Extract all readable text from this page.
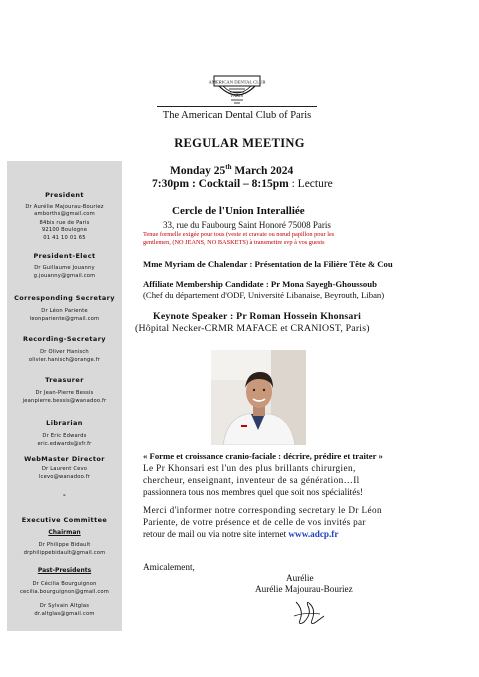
AMERICAN DENTAL CLUB
PARIS
The American Dental Club of Paris
REGULAR MEETING
President
Dr Aurélie Majourau-Bouriez
amborths@gmail.com
84bis rue de Paris
92100 Boulogne
01 41 10 01 65
President-Elect
Dr Guillaume Jouanny
g.jouanny@gmail.com
Corresponding Secretary
Dr Léon Pariente
leonpariente@gmail.com
Recording-Secretary
Dr Oliver Hanisch
olivier.hanisch@orange.fr
Treasurer
Dr Jean-Pierre Bessis
jeanpierre.bessis@wanadoo.fr
Librarian
Dr Eric Edwards
eric.edwards@sfr.fr
WebMaster Director
Dr Laurent Cevo
lcevo@wanadoo.fr
-
Executive Committee
Chairman
Dr Philippe Bidault
drphilippebidault@gmail.com
Past-Presidents
Dr Cécilia Bourguignon
cecilia.bourguignon@gmail.com
Dr Sylvain Altglas
dr.altglas@gmail.com
Monday 25th March 2024
7:30pm : Cocktail – 8:15pm : Lecture
Cercle de l'Union Interalliée
33, rue du Faubourg Saint Honoré 75008 Paris
Tenue formelle exigée pour tous (veste et cravate ou nœud papillon pour les
gentlemen, (NO JEANS, NO BASKETS) à transmettre svp à vos guests
Mme Myriam de Chalendar : Présentation de la Filière Tête & Cou
Affiliate Membership Candidate : Pr Mona Sayegh-Ghoussoub
(Chef du département d'ODF, Université Libanaise, Beyrouth, Liban)
Keynote Speaker : Pr Roman Hossein Khonsari
(Hôpital Necker-CRMR MAFACE et CRANIOST, Paris)
« Forme et croissance cranio-faciale : décrire, prédire et traiter »
Le Pr Khonsari est l'un des plus brillants chirurgien,
chercheur, enseignant, inventeur de sa génération…Il
passionnera tous nos membres quel que soit nos spécialités!
Merci d'informer notre corresponding secretary le Dr Léon
Pariente, de votre présence et de celle de vos invités par
retour de mail ou via notre site internet www.adcp.fr
Amicalement,
Aurélie
Aurélie Majourau-Bouriez
